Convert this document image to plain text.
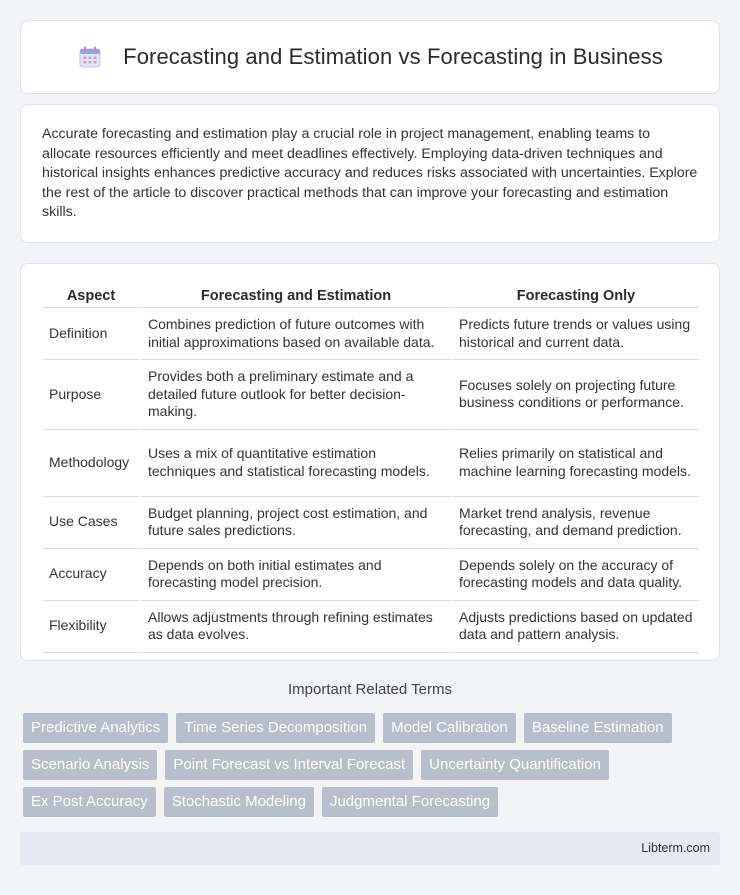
Forecasting and Estimation vs Forecasting in Business

Accurate forecasting and estimation play a crucial role in project management, enabling teams to allocate resources efficiently and meet deadlines effectively. Employing data-driven techniques and historical insights enhances predictive accuracy and reduces risks associated with uncertainties. Explore the rest of the article to discover practical methods that can improve your forecasting and estimation skills.

Aspect	Forecasting and Estimation	Forecasting Only
Definition	Combines prediction of future outcomes with initial approximations based on available data.	Predicts future trends or values using historical and current data.
Purpose	Provides both a preliminary estimate and a detailed future outlook for better decision-making.	Focuses solely on projecting future business conditions or performance.
Methodology	Uses a mix of quantitative estimation techniques and statistical forecasting models.	Relies primarily on statistical and machine learning forecasting models.
Use Cases	Budget planning, project cost estimation, and future sales predictions.	Market trend analysis, revenue forecasting, and demand prediction.
Accuracy	Depends on both initial estimates and forecasting model precision.	Depends solely on the accuracy of forecasting models and data quality.
Flexibility	Allows adjustments through refining estimates as data evolves.	Adjusts predictions based on updated data and pattern analysis.
Important Related Terms
Predictive Analytics	Time Series Decomposition	Model Calibration	Baseline Estimation
Scenario Analysis	Point Forecast vs Interval Forecast	Uncertainty Quantification
Ex Post Accuracy	Stochastic Modeling	Judgmental Forecasting
Libterm.com
